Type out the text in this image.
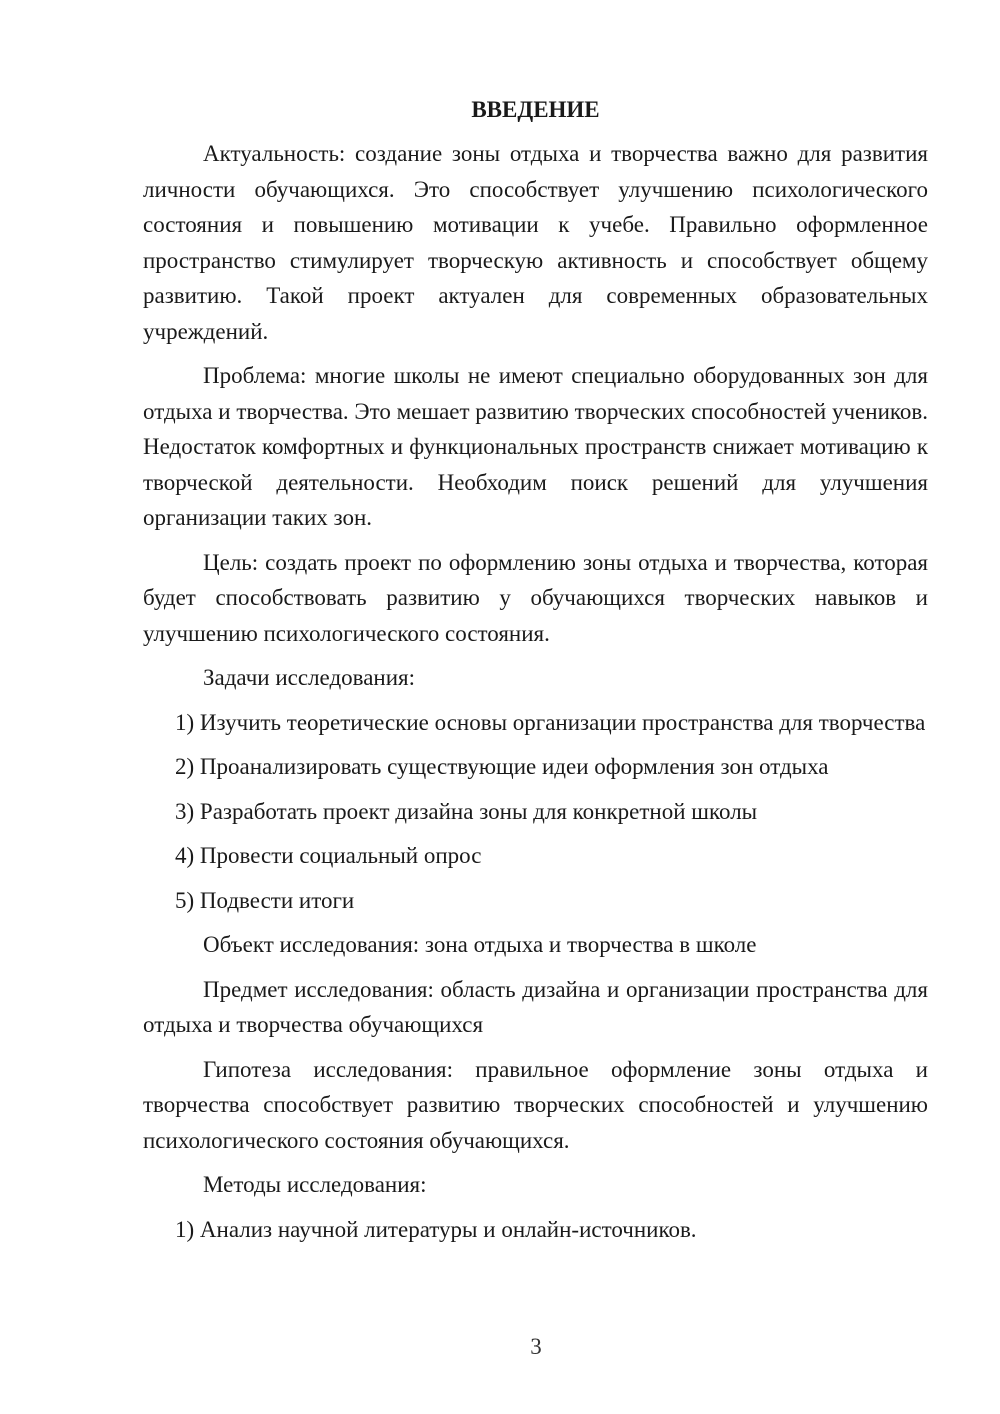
ВВЕДЕНИЕ
Актуальность: создание зоны отдыха и творчества важно для развития личности обучающихся. Это способствует улучшению психологического состояния и повышению мотивации к учебе. Правильно оформленное пространство стимулирует творческую активность и способствует общему развитию. Такой проект актуален для современных образовательных учреждений.
Проблема: многие школы не имеют специально оборудованных зон для отдыха и творчества. Это мешает развитию творческих способностей учеников. Недостаток комфортных и функциональных пространств снижает мотивацию к творческой деятельности. Необходим поиск решений для улучшения организации таких зон.
Цель: создать проект по оформлению зоны отдыха и творчества, которая будет способствовать развитию у обучающихся творческих навыков и улучшению психологического состояния.
Задачи исследования:
1) Изучить теоретические основы организации пространства для творчества
2) Проанализировать существующие идеи оформления зон отдыха
3) Разработать проект дизайна зоны для конкретной школы
4) Провести социальный опрос
5) Подвести итоги
Объект исследования: зона отдыха и творчества в школе
Предмет исследования: область дизайна и организации пространства для отдыха и творчества обучающихся
Гипотеза исследования: правильное оформление зоны отдыха и творчества способствует развитию творческих способностей и улучшению психологического состояния обучающихся.
Методы исследования:
1) Анализ научной литературы и онлайн-источников.
3
